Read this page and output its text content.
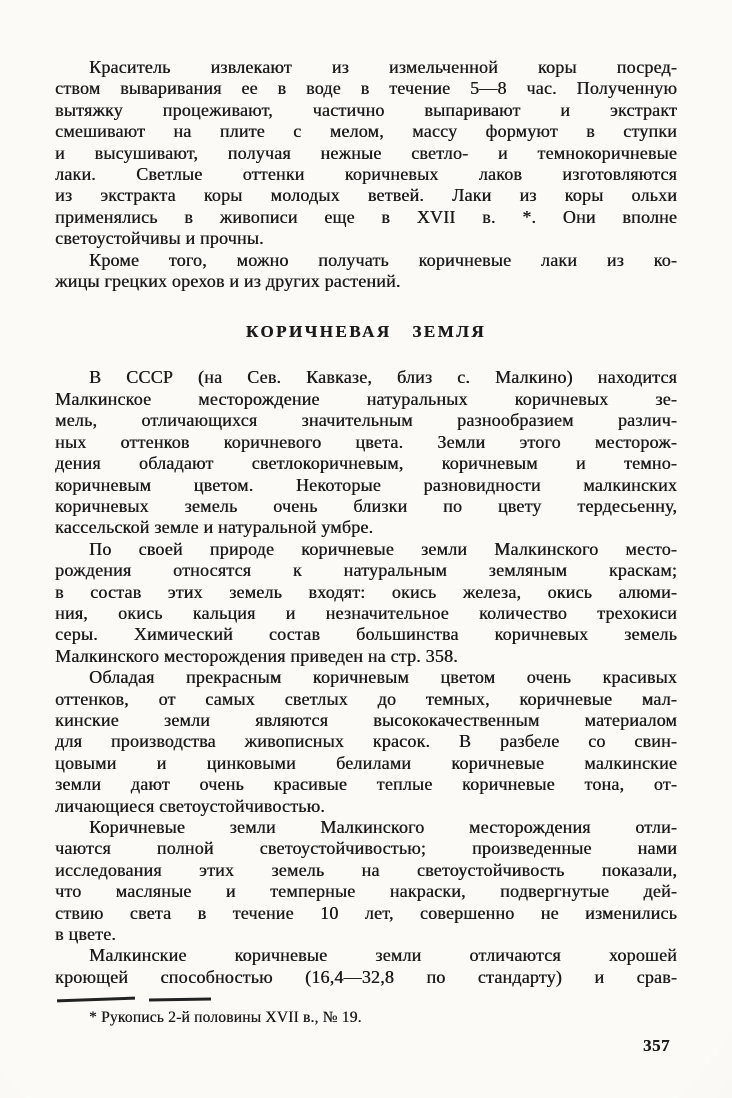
Краситель извлекают из измельченной коры посред-
ством вываривания ее в воде в течение 5—8 час. Полученную
вытяжку процеживают, частично выпаривают и экстракт
смешивают на плите с мелом, массу формуют в ступки
и высушивают, получая нежные светло- и темнокоричневые
лаки. Светлые оттенки коричневых лаков изготовляются
из экстракта коры молодых ветвей. Лаки из коры ольхи
применялись в живописи еще в XVII в. *. Они вполне
светоустойчивы и прочны.
Кроме того, можно получать коричневые лаки из ко-
жицы грецких орехов и из других растений.
КОРИЧНЕВАЯ ЗЕМЛЯ
В СССР (на Сев. Кавказе, близ с. Малкино) находится
Малкинское месторождение натуральных коричневых зе-
мель, отличающихся значительным разнообразием различ-
ных оттенков коричневого цвета. Земли этого месторож-
дения обладают светлокоричневым, коричневым и темно-
коричневым цветом. Некоторые разновидности малкинских
коричневых земель очень близки по цвету тердесьенну,
кассельской земле и натуральной умбре.
По своей природе коричневые земли Малкинского место-
рождения относятся к натуральным земляным краскам;
в состав этих земель входят: окись железа, окись алюми-
ния, окись кальция и незначительное количество трехокиси
серы. Химический состав большинства коричневых земель
Малкинского месторождения приведен на стр. 358.
Обладая прекрасным коричневым цветом очень красивых
оттенков, от самых светлых до темных, коричневые мал-
кинские земли являются высококачественным материалом
для производства живописных красок. В разбеле со свин-
цовыми и цинковыми белилами коричневые малкинские
земли дают очень красивые теплые коричневые тона, от-
личающиеся светоустойчивостью.
Коричневые земли Малкинского месторождения отли-
чаются полной светоустойчивостью; произведенные нами
исследования этих земель на светоустойчивость показали,
что масляные и темперные накраски, подвергнутые дей-
ствию света в течение 10 лет, совершенно не изменились
в цвете.
Малкинские коричневые земли отличаются хорошей
кроющей способностью (16,4—32,8 по стандарту) и срав-
* Рукопись 2-й половины XVII в., № 19.
357
